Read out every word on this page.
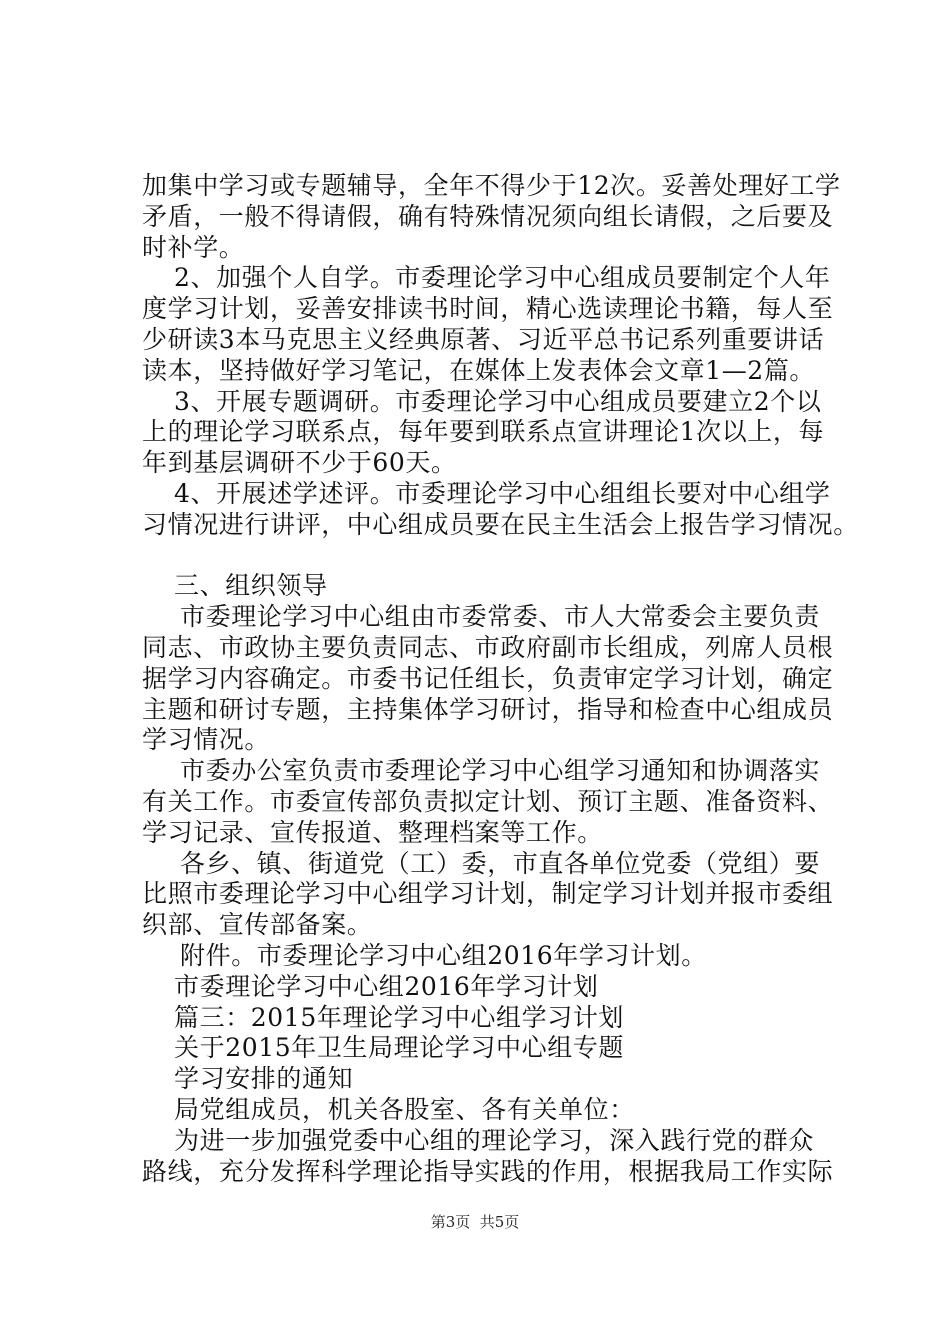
加集中学习或专题辅导，全年不得少于12次。妥善处理好工学
矛盾，一般不得请假，确有特殊情况须向组长请假，之后要及
时补学。
2、加强个人自学。市委理论学习中心组成员要制定个人年
度学习计划，妥善安排读书时间，精心选读理论书籍，每人至
少研读3本马克思主义经典原著、习近平总书记系列重要讲话
读本，坚持做好学习笔记，在媒体上发表体会文章1—2篇。
3、开展专题调研。市委理论学习中心组成员要建立2个以
上的理论学习联系点，每年要到联系点宣讲理论1次以上，每
年到基层调研不少于60天。
4、开展述学述评。市委理论学习中心组组长要对中心组学
习情况进行讲评，中心组成员要在民主生活会上报告学习情况。
三、组织领导
市委理论学习中心组由市委常委、市人大常委会主要负责
同志、市政协主要负责同志、市政府副市长组成，列席人员根
据学习内容确定。市委书记任组长，负责审定学习计划，确定
主题和研讨专题，主持集体学习研讨，指导和检查中心组成员
学习情况。
市委办公室负责市委理论学习中心组学习通知和协调落实
有关工作。市委宣传部负责拟定计划、预订主题、准备资料、
学习记录、宣传报道、整理档案等工作。
各乡、镇、街道党（工）委，市直各单位党委（党组）要
比照市委理论学习中心组学习计划，制定学习计划并报市委组
织部、宣传部备案。
附件。市委理论学习中心组2016年学习计划。
市委理论学习中心组2016年学习计划
篇三：2015年理论学习中心组学习计划
关于2015年卫生局理论学习中心组专题
学习安排的通知
局党组成员，机关各股室、各有关单位：
为进一步加强党委中心组的理论学习，深入践行党的群众
路线，充分发挥科学理论指导实践的作用，根据我局工作实际
第3页  共5页
